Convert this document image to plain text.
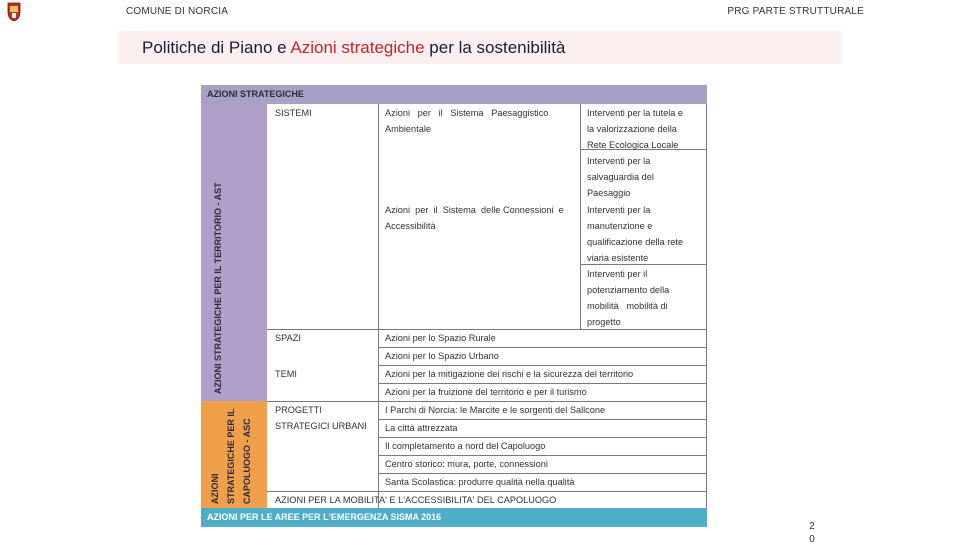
COMUNE DI NORCIA	PRG PARTE STRUTTURALE
Politiche di Piano e Azioni strategiche per la sostenibilità
AZIONI STRATEGICHE
AZIONI STRATEGICHE PER IL TERRITORIO - AST
AZIONI STRATEGICHE PER IL CAPOLUOGO - ASC
SISTEMI
SPAZI
TEMI
PROGETTI
STRATEGICI URBANI
AZIONI PER LA MOBILITA' E L'ACCESSIBILITA' DEL CAPOLUOGO
Azioni   per   il   Sistema   Paesaggistico
Ambientale
Azioni  per  il  Sistema  delle Connessioni  e
Accessibilità
Interventi per la tutela e
la valorizzazione della
Rete Ecologica Locale
Interventi per la
salvaguardia del
Paesaggio
Interventi per la
manutenzione e
qualificazione della rete
viaria esistente
Interventi per il
potenziamento della
mobilità   mobilità di
progetto
Azioni per lo Spazio Rurale
Azioni per lo Spazio Urbano
Azioni per la mitigazione dei rischi e la sicurezza del territorio
Azioni per la fruizione del territorio e per il turismo
I Parchi di Norcia: le Marcite e le sorgenti del Sallcone
La città attrezzata
Il completamento a nord del Capoluogo
Centro storico: mura, porte, connessioni
Santa Scolastica: produrre qualità nella qualità
AZIONI PER LE AREE PER L'EMERGENZA SISMA 2016
2
0
